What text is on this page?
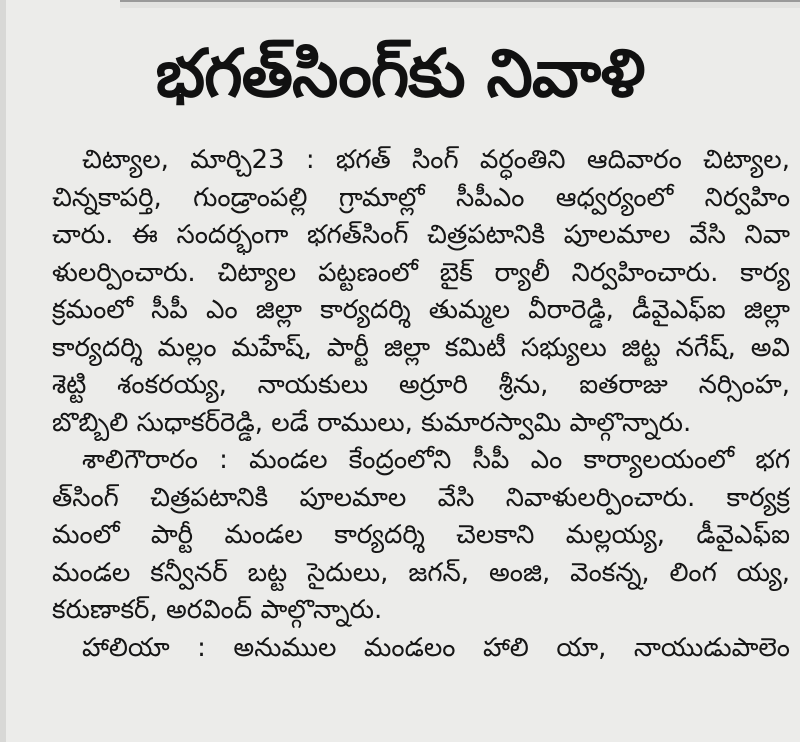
భగత్‌సింగ్‌కు నివాళి
చిట్యాల, మార్చి23 : భగత్ సింగ్ వర్ధంతిని ఆదివారం చిట్యాల,
చిన్నకాపర్తి, గుండ్రాంపల్లి గ్రామాల్లో సీపీఎం ఆధ్వర్యంలో నిర్వహిం
చారు. ఈ సందర్భంగా భగత్‌సింగ్ చిత్రపటానికి పూలమాల వేసి నివా
ళులర్పించారు. చిట్యాల పట్టణంలో బైక్ ర్యాలీ నిర్వహించారు. కార్య
క్రమంలో సీపీ ఎం జిల్లా కార్యదర్శి తుమ్మల వీరారెడ్డి, డీవైఎఫ్ఐ జిల్లా
కార్యదర్శి మల్లం మహేష్, పార్టీ జిల్లా కమిటీ సభ్యులు జిట్ట నగేష్, అవి
శెట్టి శంకరయ్య, నాయకులు అర్రూరి శ్రీను, ఐతరాజు నర్సింహ,
బొబ్బిలి సుధాకర్‌రెడ్డి, లడే రాములు, కుమారస్వామి పాల్గొన్నారు.
శాలిగౌరారం : మండల కేంద్రంలోని సీపీ ఎం కార్యాలయంలో భగ
త్‌సింగ్ చిత్రపటానికి పూలమాల వేసి నివాళులర్పించారు. కార్యక్ర
మంలో పార్టీ మండల కార్యదర్శి చెలకాని మల్లయ్య, డీవైఎఫ్ఐ
మండల కన్వీనర్ బట్ట సైదులు, జగన్, అంజి, వెంకన్న, లింగ య్య,
కరుణాకర్, అరవింద్ పాల్గొన్నారు.
హాలియా : అనుముల మండలం హాలి యా, నాయుడుపాలెం
